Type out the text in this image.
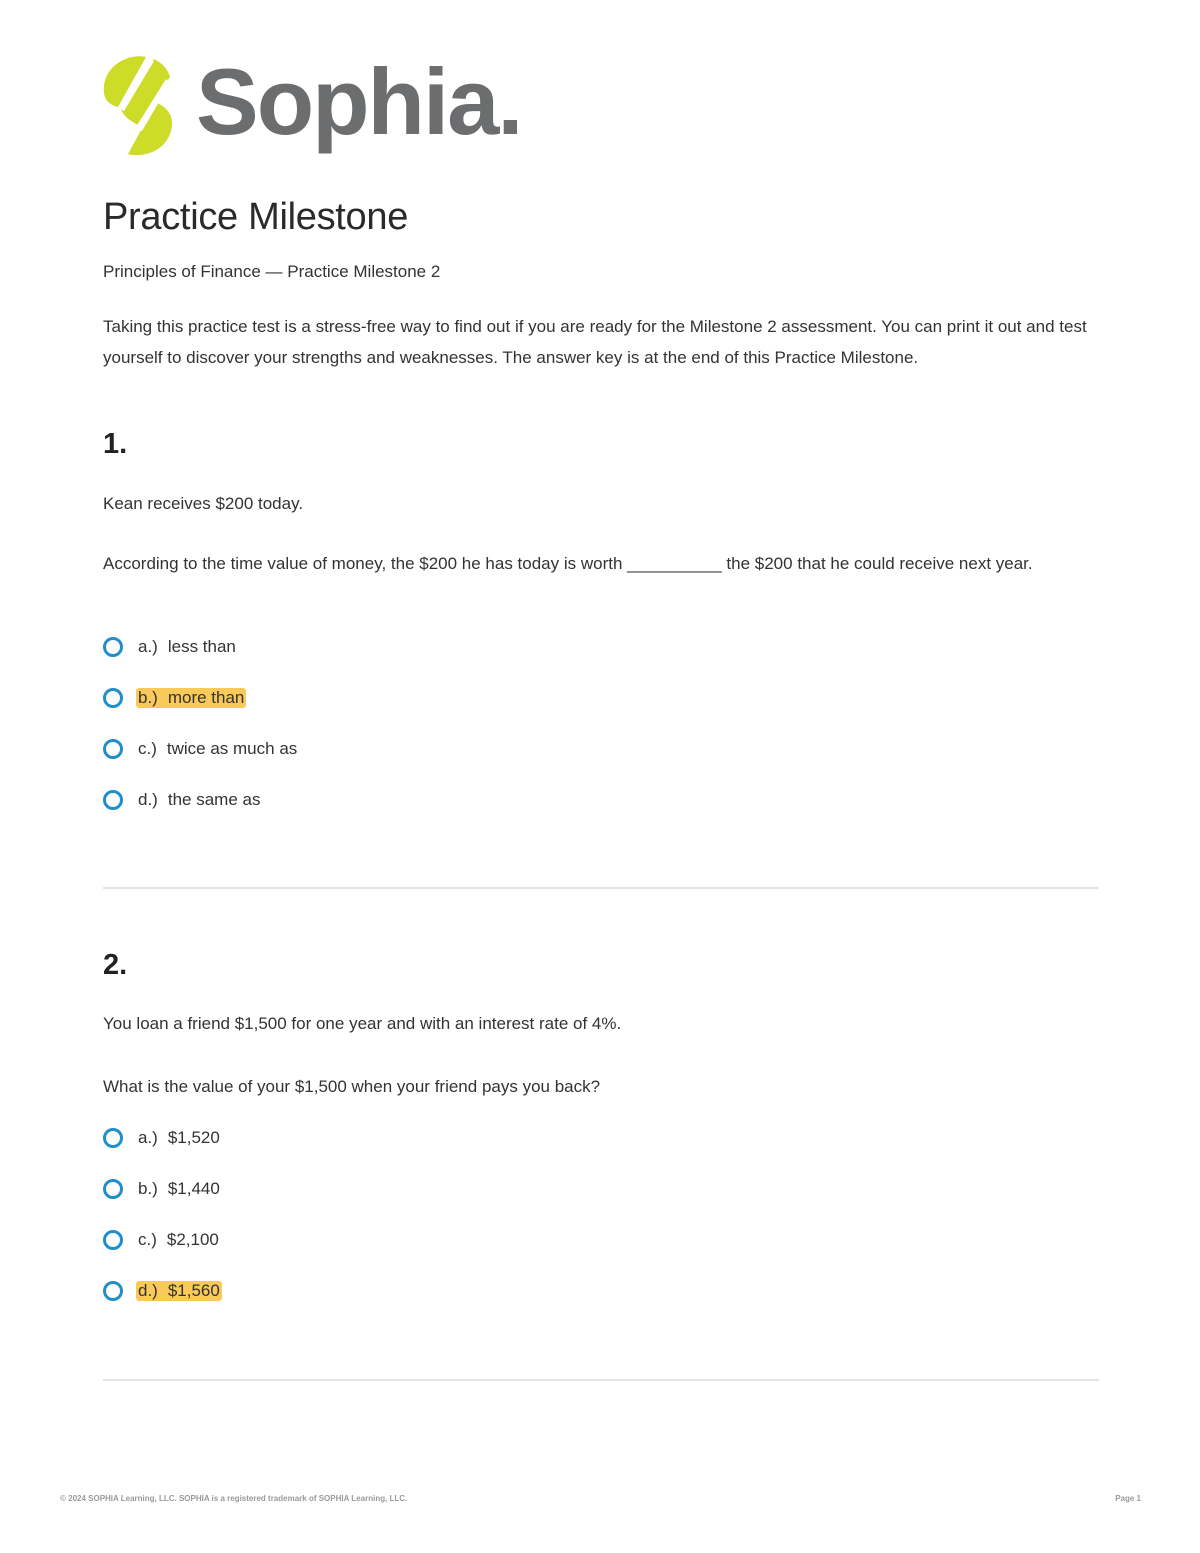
Sophia.
Practice Milestone
Principles of Finance — Practice Milestone 2

Taking this practice test is a stress-free way to find out if you are ready for the Milestone 2 assessment. You can print it out and test yourself to discover your strengths and weaknesses. The answer key is at the end of this Practice Milestone.

1.

Kean receives $200 today.

According to the time value of money, the $200 he has today is worth __________ the $200 that he could receive next year.

a.) less than
b.) more than
c.) twice as much as
d.) the same as
2.

You loan a friend $1,500 for one year and with an interest rate of 4%.

What is the value of your $1,500 when your friend pays you back?

a.) $1,520
b.) $1,440
c.) $2,100
d.) $1,560
© 2024 SOPHIA Learning, LLC. SOPHIA is a registered trademark of SOPHIA Learning, LLC.	Page 1
